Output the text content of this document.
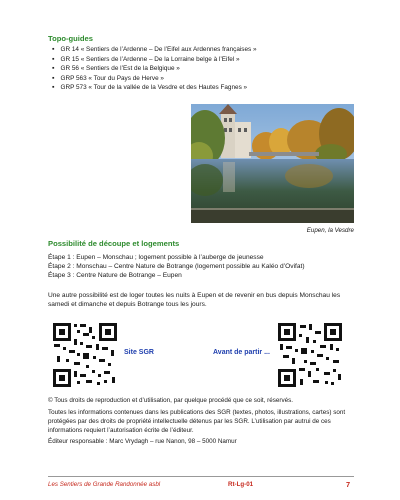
Topo-guides
▪ GR 14 « Sentiers de l’Ardenne – De l’Eifel aux Ardennes françaises »
▪ GR 15 « Sentiers de l’Ardenne – De la Lorraine belge à l’Eifel »
▪ GR 56 « Sentiers de l’Est de la Belgique »
▪ GRP 563 « Tour du Pays de Herve »
▪ GRP 573 « Tour de la vallée de la Vesdre et des Hautes Fagnes »
Eupen, la Vesdre
Possibilité de découpe et logements
Étape 1 : Eupen – Monschau ; logement possible à l’auberge de jeunesse
Étape 2 : Monschau – Centre Nature de Botrange (logement possible au Kaléo d’Ovifat)
Étape 3 : Centre Nature de Botrange – Eupen
Une autre possibilité est de loger toutes les nuits à Eupen et de revenir en bus depuis Monschau les samedi et dimanche et depuis Botrange tous les jours.
Site SGR	Avant de partir ...
© Tous droits de reproduction et d’utilisation, par quelque procédé que ce soit, réservés.
Toutes les informations contenues dans les publications des SGR (textes, photos, illustrations, cartes) sont protégées par des droits de propriété intellectuelle détenus par les SGR. L’utilisation par autrui de ces informations requiert l’autorisation écrite de l’éditeur.
Éditeur responsable : Marc Vrydagh – rue Nanon, 98 – 5000 Namur
Les Sentiers de Grande Randonnée asbl	Rt-Lg-01	7
